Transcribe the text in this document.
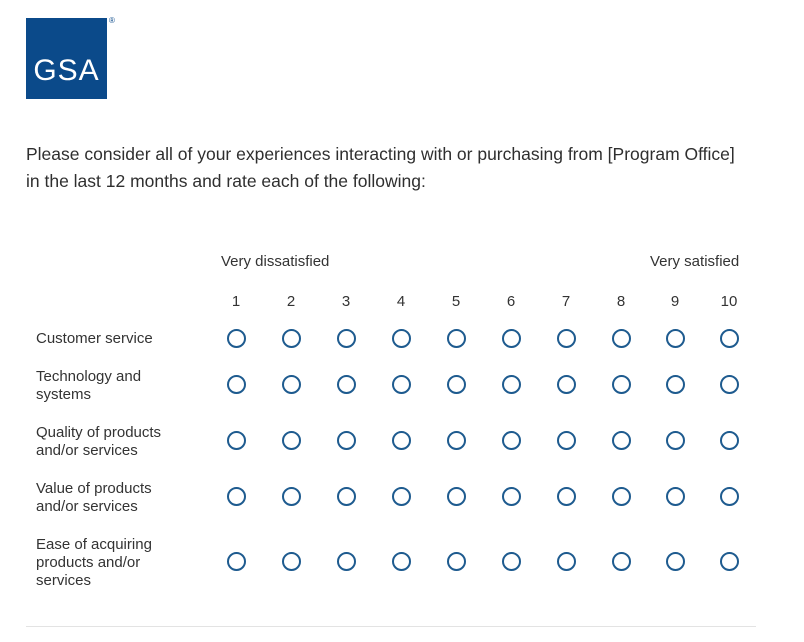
GSA
®

Please consider all of your experiences interacting with or purchasing from [Program Office] in the last 12 months and rate each of the following:

Very dissatisfied	Very satisfied
1	2	3	4	5	6	7	8	9	10
Customer service
Technology and systems
Quality of products and/or services
Value of products and/or services
Ease of acquiring products and/or services
